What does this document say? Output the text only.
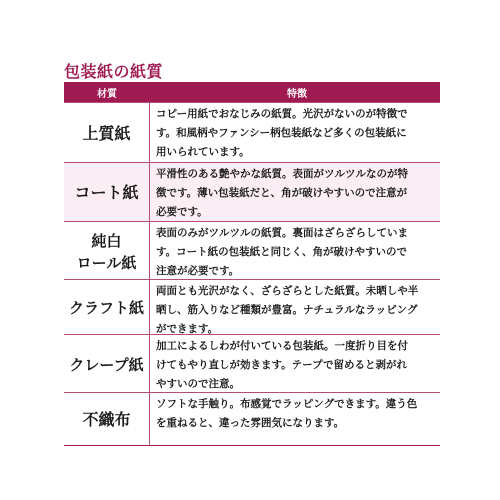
包装紙の紙質
材質	特徴
上質紙
コピー用紙でおなじみの紙質。光沢がないのが特徴で
す。和風柄やファンシー柄包装紙など多くの包装紙に
用いられています。
コート紙
平滑性のある艶やかな紙質。表面がツルツルなのが特
徴です。薄い包装紙だと、角が破けやすいので注意が
必要です。
純白
ロール紙
表面のみがツルツルの紙質。裏面はざらざらしていま
す。コート紙の包装紙と同じく、角が破けやすいので
注意が必要です。
クラフト紙
両面とも光沢がなく、ざらざらとした紙質。未晒しや半
晒し、筋入りなど種類が豊富。ナチュラルなラッピング
ができます。
クレープ紙
加工によるしわが付いている包装紙。一度折り目を付
けてもやり直しが効きます。テープで留めると剥がれ
やすいので注意。
不織布
ソフトな手触り。布感覚でラッピングできます。違う色
を重ねると、違った雰囲気になります。
